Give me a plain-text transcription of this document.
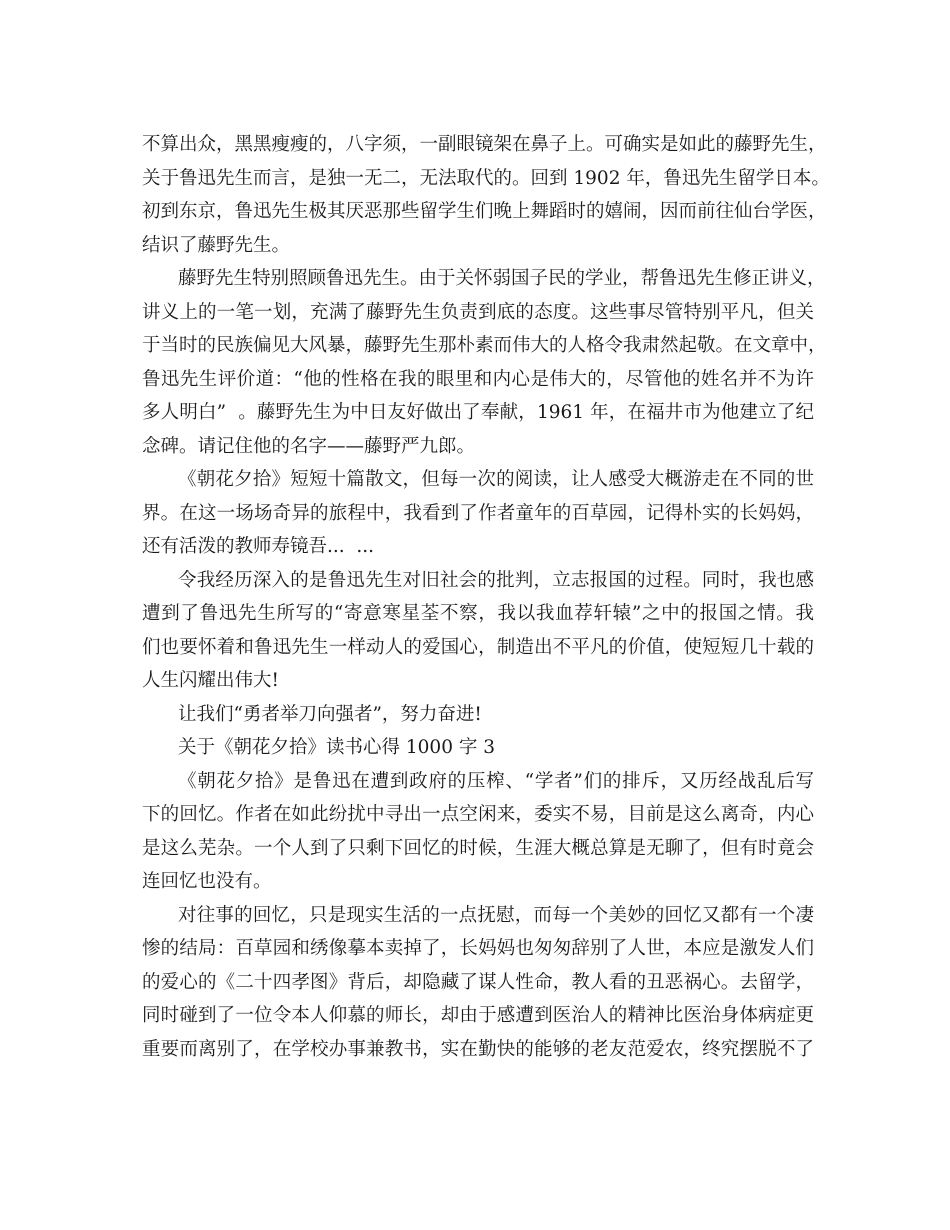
不算出众，黑黑瘦瘦的，八字须，一副眼镜架在鼻子上。可确实是如此的藤野先生，
关于鲁迅先生而言，是独一无二，无法取代的。回到 1902 年，鲁迅先生留学日本。
初到东京，鲁迅先生极其厌恶那些留学生们晚上舞蹈时的嬉闹，因而前往仙台学医，
结识了藤野先生。
藤野先生特别照顾鲁迅先生。由于关怀弱国子民的学业，帮鲁迅先生修正讲义，
讲义上的一笔一划，充满了藤野先生负责到底的态度。这些事尽管特别平凡，但关
于当时的民族偏见大风暴，藤野先生那朴素而伟大的人格令我肃然起敬。在文章中，
鲁迅先生评价道：“他的性格在我的眼里和内心是伟大的，尽管他的姓名并不为许
多人明白”  。藤野先生为中日友好做出了奉献，1961 年，在福井市为他建立了纪
念碑。请记住他的名字——藤野严九郎。
《朝花夕拾》短短十篇散文，但每一次的阅读，让人感受大概游走在不同的世
界。在这一场场奇异的旅程中，我看到了作者童年的百草园，记得朴实的长妈妈，
还有活泼的教师寿镜吾...  ...
令我经历深入的是鲁迅先生对旧社会的批判，立志报国的过程。同时，我也感
遭到了鲁迅先生所写的“寄意寒星荃不察，我以我血荐轩辕”之中的报国之情。我
们也要怀着和鲁迅先生一样动人的爱国心，制造出不平凡的价值，使短短几十载的
人生闪耀出伟大!
让我们“勇者举刀向强者”，努力奋进!
关于《朝花夕拾》读书心得 1000 字 3
《朝花夕拾》是鲁迅在遭到政府的压榨、“学者”们的排斥，又历经战乱后写
下的回忆。作者在如此纷扰中寻出一点空闲来，委实不易，目前是这么离奇，内心
是这么芜杂。一个人到了只剩下回忆的时候，生涯大概总算是无聊了，但有时竟会
连回忆也没有。
对往事的回忆，只是现实生活的一点抚慰，而每一个美妙的回忆又都有一个凄
惨的结局：百草园和绣像摹本卖掉了，长妈妈也匆匆辞别了人世，本应是激发人们
的爱心的《二十四孝图》背后，却隐藏了谋人性命，教人看的丑恶祸心。去留学，
同时碰到了一位令本人仰慕的师长，却由于感遭到医治人的精神比医治身体病症更
重要而离别了，在学校办事兼教书，实在勤快的能够的老友范爱农，终究摆脱不了
